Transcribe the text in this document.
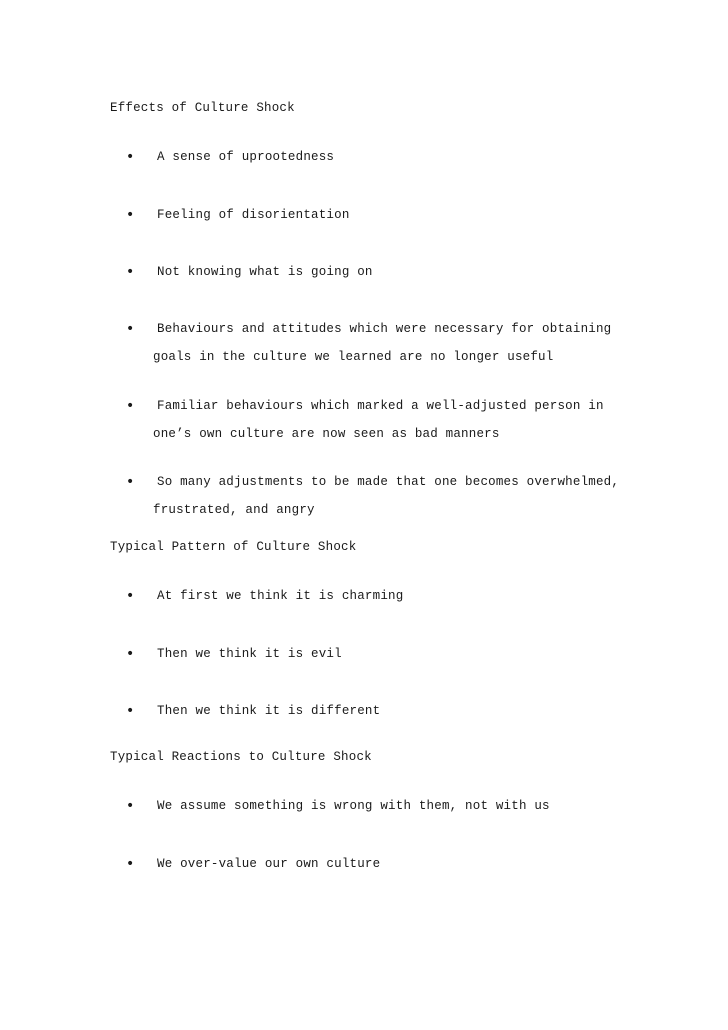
Effects of Culture Shock
• A sense of uprootedness
• Feeling of disorientation
• Not knowing what is going on
• Behaviours and attitudes which were necessary for obtaining
goals in the culture we learned are no longer useful
• Familiar behaviours which marked a well-adjusted person in
one’s own culture are now seen as bad manners
• So many adjustments to be made that one becomes overwhelmed,
frustrated, and angry
Typical Pattern of Culture Shock
• At first we think it is charming
• Then we think it is evil
• Then we think it is different
Typical Reactions to Culture Shock
• We assume something is wrong with them, not with us
• We over-value our own culture
